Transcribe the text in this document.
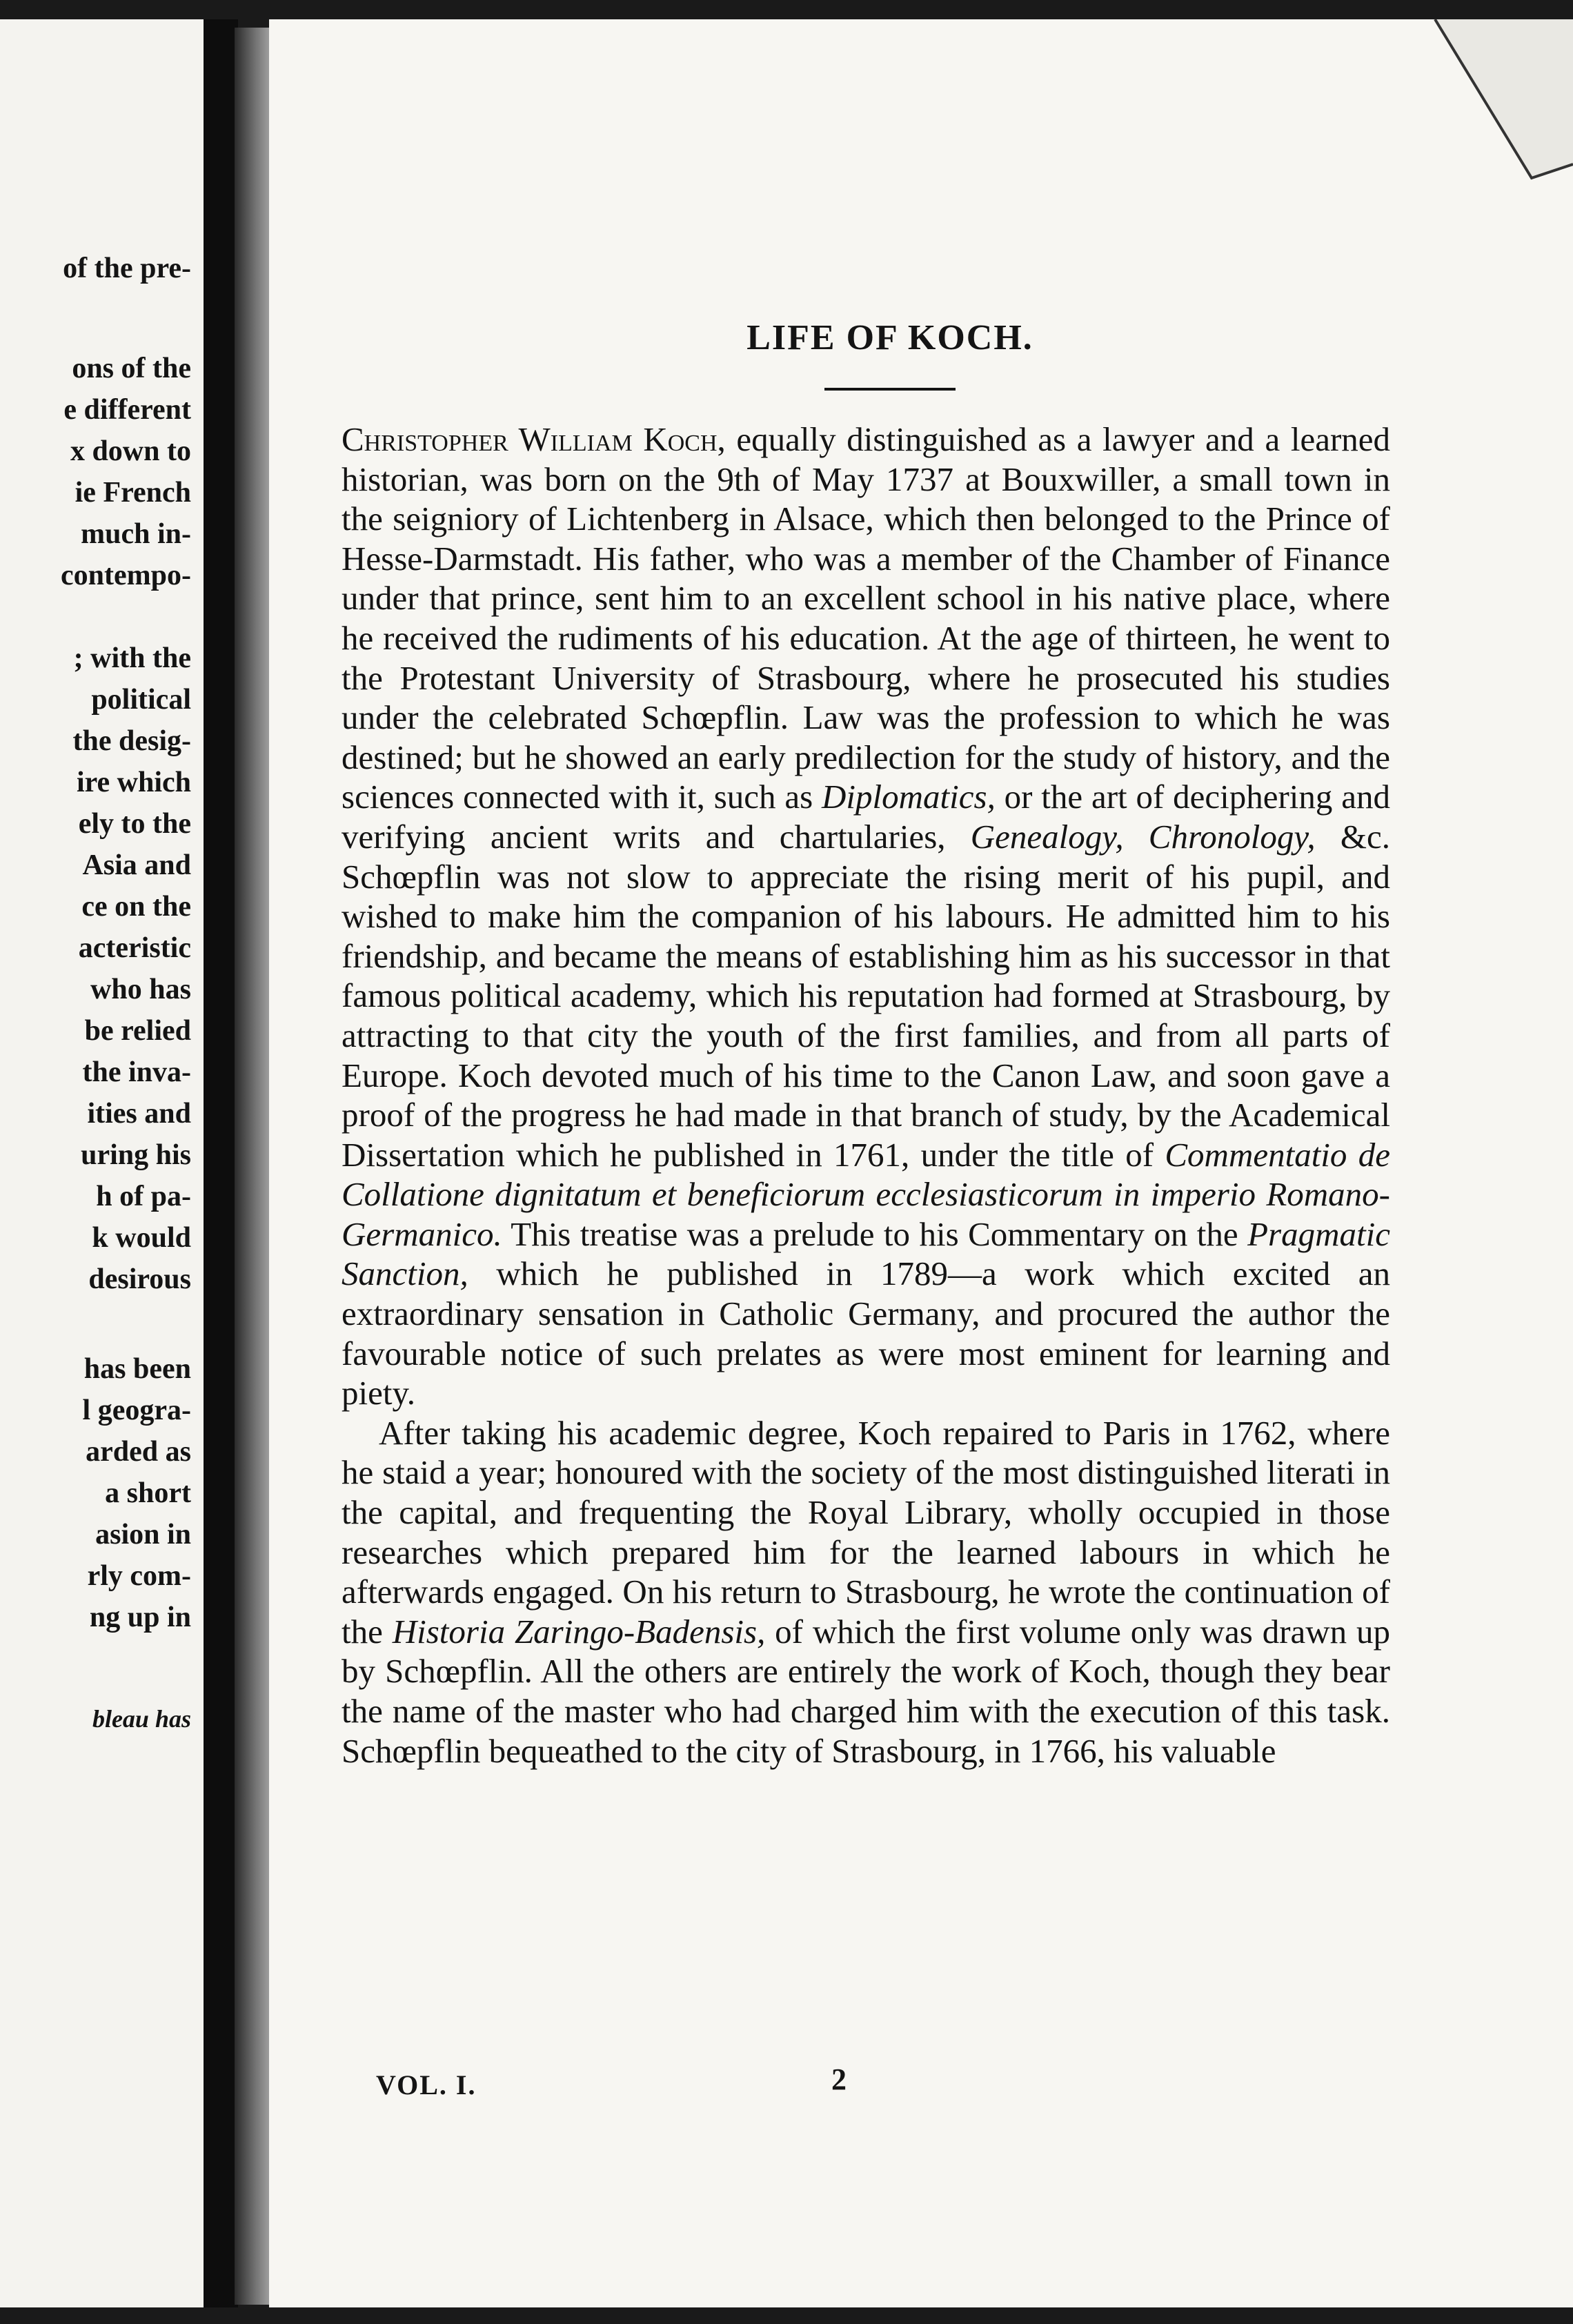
of the pre-
ons of the
e different
x down to
ie French
much in-
contempo-
; with the
political
the desig-
ire which
ely to the
Asia and
ce on the
acteristic
who has
be relied
the inva-
ities and
uring his
h of pa-
k would
desirous
has been
l geogra-
arded as
a short
asion in
rly com-
ng up in
bleau has
LIFE OF KOCH.

Christopher William Koch, equally distinguished as a lawyer and a learned historian, was born on the 9th of May 1737 at Bouxwiller, a small town in the seigniory of Lichtenberg in Alsace, which then belonged to the Prince of Hesse-Darmstadt. His father, who was a member of the Chamber of Finance under that prince, sent him to an excellent school in his native place, where he received the rudiments of his education. At the age of thirteen, he went to the Protestant University of Strasbourg, where he prosecuted his studies under the celebrated Schœpflin. Law was the profession to which he was destined; but he showed an early predilection for the study of history, and the sciences connected with it, such as Diplomatics, or the art of deciphering and verifying ancient writs and chartularies, Genealogy, Chronology, &c. Schœpflin was not slow to appreciate the rising merit of his pupil, and wished to make him the companion of his labours. He admitted him to his friendship, and became the means of establishing him as his successor in that famous political academy, which his reputation had formed at Strasbourg, by attracting to that city the youth of the first families, and from all parts of Europe. Koch devoted much of his time to the Canon Law, and soon gave a proof of the progress he had made in that branch of study, by the Academical Dissertation which he published in 1761, under the title of Commentatio de Collatione dignitatum et beneficiorum ecclesiasticorum in imperio Romano-Germanico. This treatise was a prelude to his Commentary on the Pragmatic Sanction, which he published in 1789—a work which excited an extraordinary sensation in Catholic Germany, and procured the author the favourable notice of such prelates as were most eminent for learning and piety.

After taking his academic degree, Koch repaired to Paris in 1762, where he staid a year; honoured with the society of the most distinguished literati in the capital, and frequenting the Royal Library, wholly occupied in those researches which prepared him for the learned labours in which he afterwards engaged. On his return to Strasbourg, he wrote the continuation of the Historia Zaringo-Badensis, of which the first volume only was drawn up by Schœpflin. All the others are entirely the work of Koch, though they bear the name of the master who had charged him with the execution of this task. Schœpflin bequeathed to the city of Strasbourg, in 1766, his valuable

VOL. I.	2
